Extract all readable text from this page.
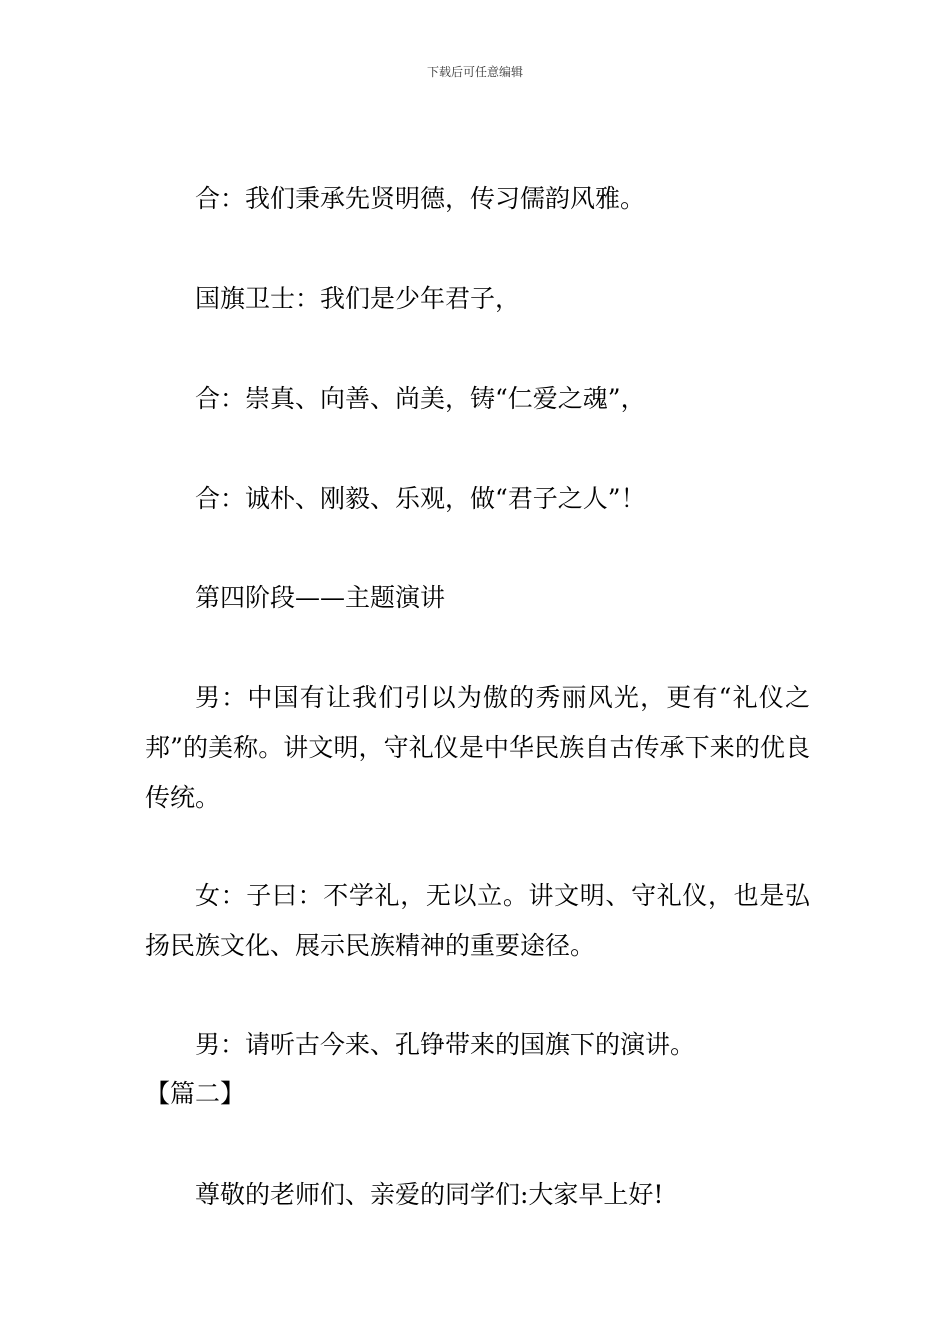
下载后可任意编辑
合：我们秉承先贤明德，传习儒韵风雅。
国旗卫士：我们是少年君子，
合：崇真、向善、尚美，铸“仁爱之魂”，
合：诚朴、刚毅、乐观，做“君子之人”！
第四阶段——主题演讲
男：中国有让我们引以为傲的秀丽风光，更有“礼仪之邦”的美称。讲文明，守礼仪是中华民族自古传承下来的优良传统。
女：子曰：不学礼，无以立。讲文明、守礼仪，也是弘扬民族文化、展示民族精神的重要途径。
男：请听古今来、孔铮带来的国旗下的演讲。
【篇二】
尊敬的老师们、亲爱的同学们:大家早上好!
